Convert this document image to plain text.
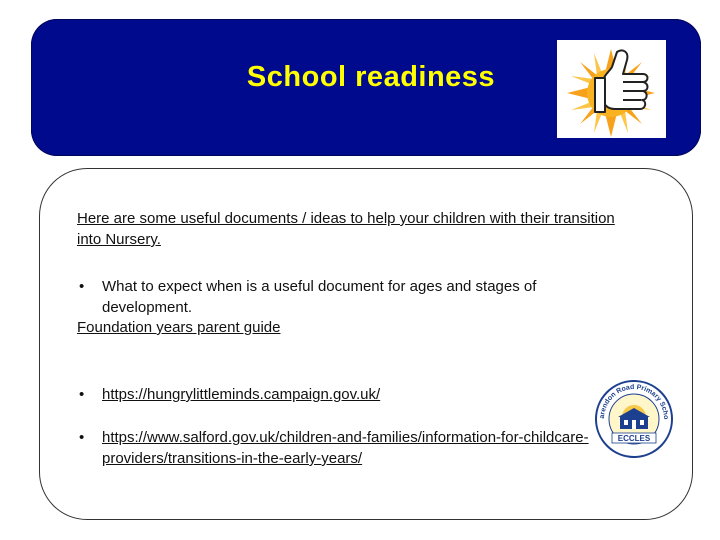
School readiness
Here are some useful documents / ideas to help your children with their transition into Nursery.
• What to expect when is a useful document for ages and stages of development.
Foundation years parent guide
• https://hungrylittleminds.campaign.gov.uk/
• https://www.salford.gov.uk/children-and-families/information-for-childcare-providers/transitions-in-the-early-years/
arendon Road Primary Scho
ECCLES
